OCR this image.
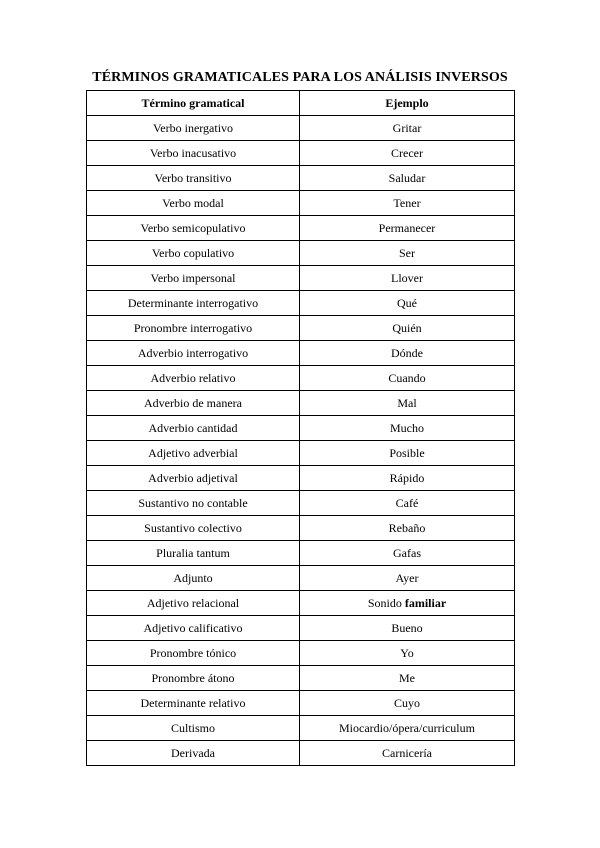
TÉRMINOS GRAMATICALES PARA LOS ANÁLISIS INVERSOS
Término gramatical	Ejemplo
Verbo inergativo	Gritar
Verbo inacusativo	Crecer
Verbo transitivo	Saludar
Verbo modal	Tener
Verbo semicopulativo	Permanecer
Verbo copulativo	Ser
Verbo impersonal	Llover
Determinante interrogativo	Qué
Pronombre interrogativo	Quién
Adverbio interrogativo	Dónde
Adverbio relativo	Cuando
Adverbio de manera	Mal
Adverbio cantidad	Mucho
Adjetivo adverbial	Posible
Adverbio adjetival	Rápido
Sustantivo no contable	Café
Sustantivo colectivo	Rebaño
Pluralia tantum	Gafas
Adjunto	Ayer
Adjetivo relacional	Sonido familiar
Adjetivo calificativo	Bueno
Pronombre tónico	Yo
Pronombre átono	Me
Determinante relativo	Cuyo
Cultismo	Miocardio/ópera/curriculum
Derivada	Carnicería
